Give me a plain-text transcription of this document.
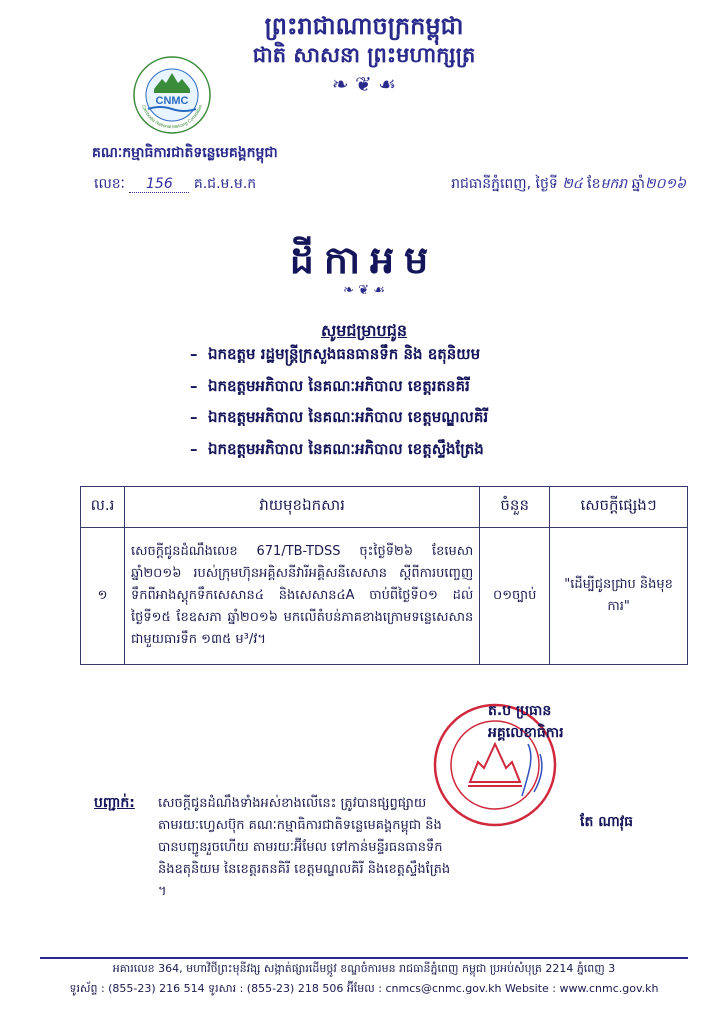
ព្រះរាជាណាចក្រកម្ពុជា
ជាតិ សាសនា ព្រះមហាក្សត្រ
❧ ❦ ☙
CNMC
Cambodia National Mekong Committee
គណៈកម្មាធិការជាតិទន្លេមេគង្គកម្ពុជា
លេខៈ 156 គ.ជ.ម.ម.ក	រាជធានីភ្នំពេញ, ថ្ងៃទី ២៤ ខែមករា ឆ្នាំ២០១៦
ដីកាអម
❧ ❦ ☙
សូមជម្រាបជូន
–  ឯកឧត្តម រដ្ឋមន្ត្រីក្រសួងធនធានទឹក និង ឧតុនិយម
–  ឯកឧត្តមអភិបាល នៃគណៈអភិបាល ខេត្តរតនគិរី
–  ឯកឧត្តមអភិបាល នៃគណៈអភិបាល ខេត្តមណ្ឌលគិរី
–  ឯកឧត្តមអភិបាល នៃគណៈអភិបាល ខេត្តស្ទឹងត្រែង
ល.រ	វាយមុខឯកសារ	ចំនួន	សេចក្តីផ្សេងៗ
១	សេចក្តីជូនដំណឹងលេខ 671/TB-TDSS ចុះថ្ងៃទី២៦ ខែមេសា ឆ្នាំ២០១៦ របស់ក្រុមហ៊ុនអគ្គិសនីវារីអគ្គិសនីសេសាន ស្តីពីការបញ្ចេញទឹកពីអាងស្តុកទឹកសេសាន៤ និងសេសាន៤A ចាប់ពីថ្ងៃទី០១ ដល់ ថ្ងៃទី១៥ ខែឧសភា ឆ្នាំ២០១៦ មកលើតំបន់ភាគខាងក្រោមទន្លេសេសាន ជាមួយធារទឹក ១៣៥ ម³/វ។	០១ច្បាប់	"ដើម្បីជូនជ្រាប និងមុខការ"
ត.ប ប្រធាន
អគ្គលេខាធិការ
តែ ណាវុធ
បញ្ជាក់: សេចក្តីជូនដំណឹងទាំងអស់ខាងលើនេះ ត្រូវបានផ្សព្វផ្សាយតាមរយៈហ្វេសប៊ុក គណៈកម្មាធិការជាតិទន្លេមេគង្គកម្ពុជា និងបានបញ្ជូនរួចហើយ តាមរយៈអ៊ីមែល ទៅកាន់មន្ទីរធនធានទឹក និងឧតុនិយម នៃខេត្តរតនគិរី ខេត្តមណ្ឌលគិរី និងខេត្តស្ទឹងត្រែង ។
អគារលេខ 364, មហាវិថីព្រះមុនីវង្ស សង្កាត់ផ្សារដើមថ្កូវ ខណ្ឌចំការមន រាជធានីភ្នំពេញ កម្ពុជា ប្រអប់សំបុត្រ 2214 ភ្នំពេញ 3
ទូរស័ព្ទ : (855-23) 216 514 ទូរសារ : (855-23) 218 506 អ៊ីមែល : cnmcs@cnmc.gov.kh Website : www.cnmc.gov.kh
